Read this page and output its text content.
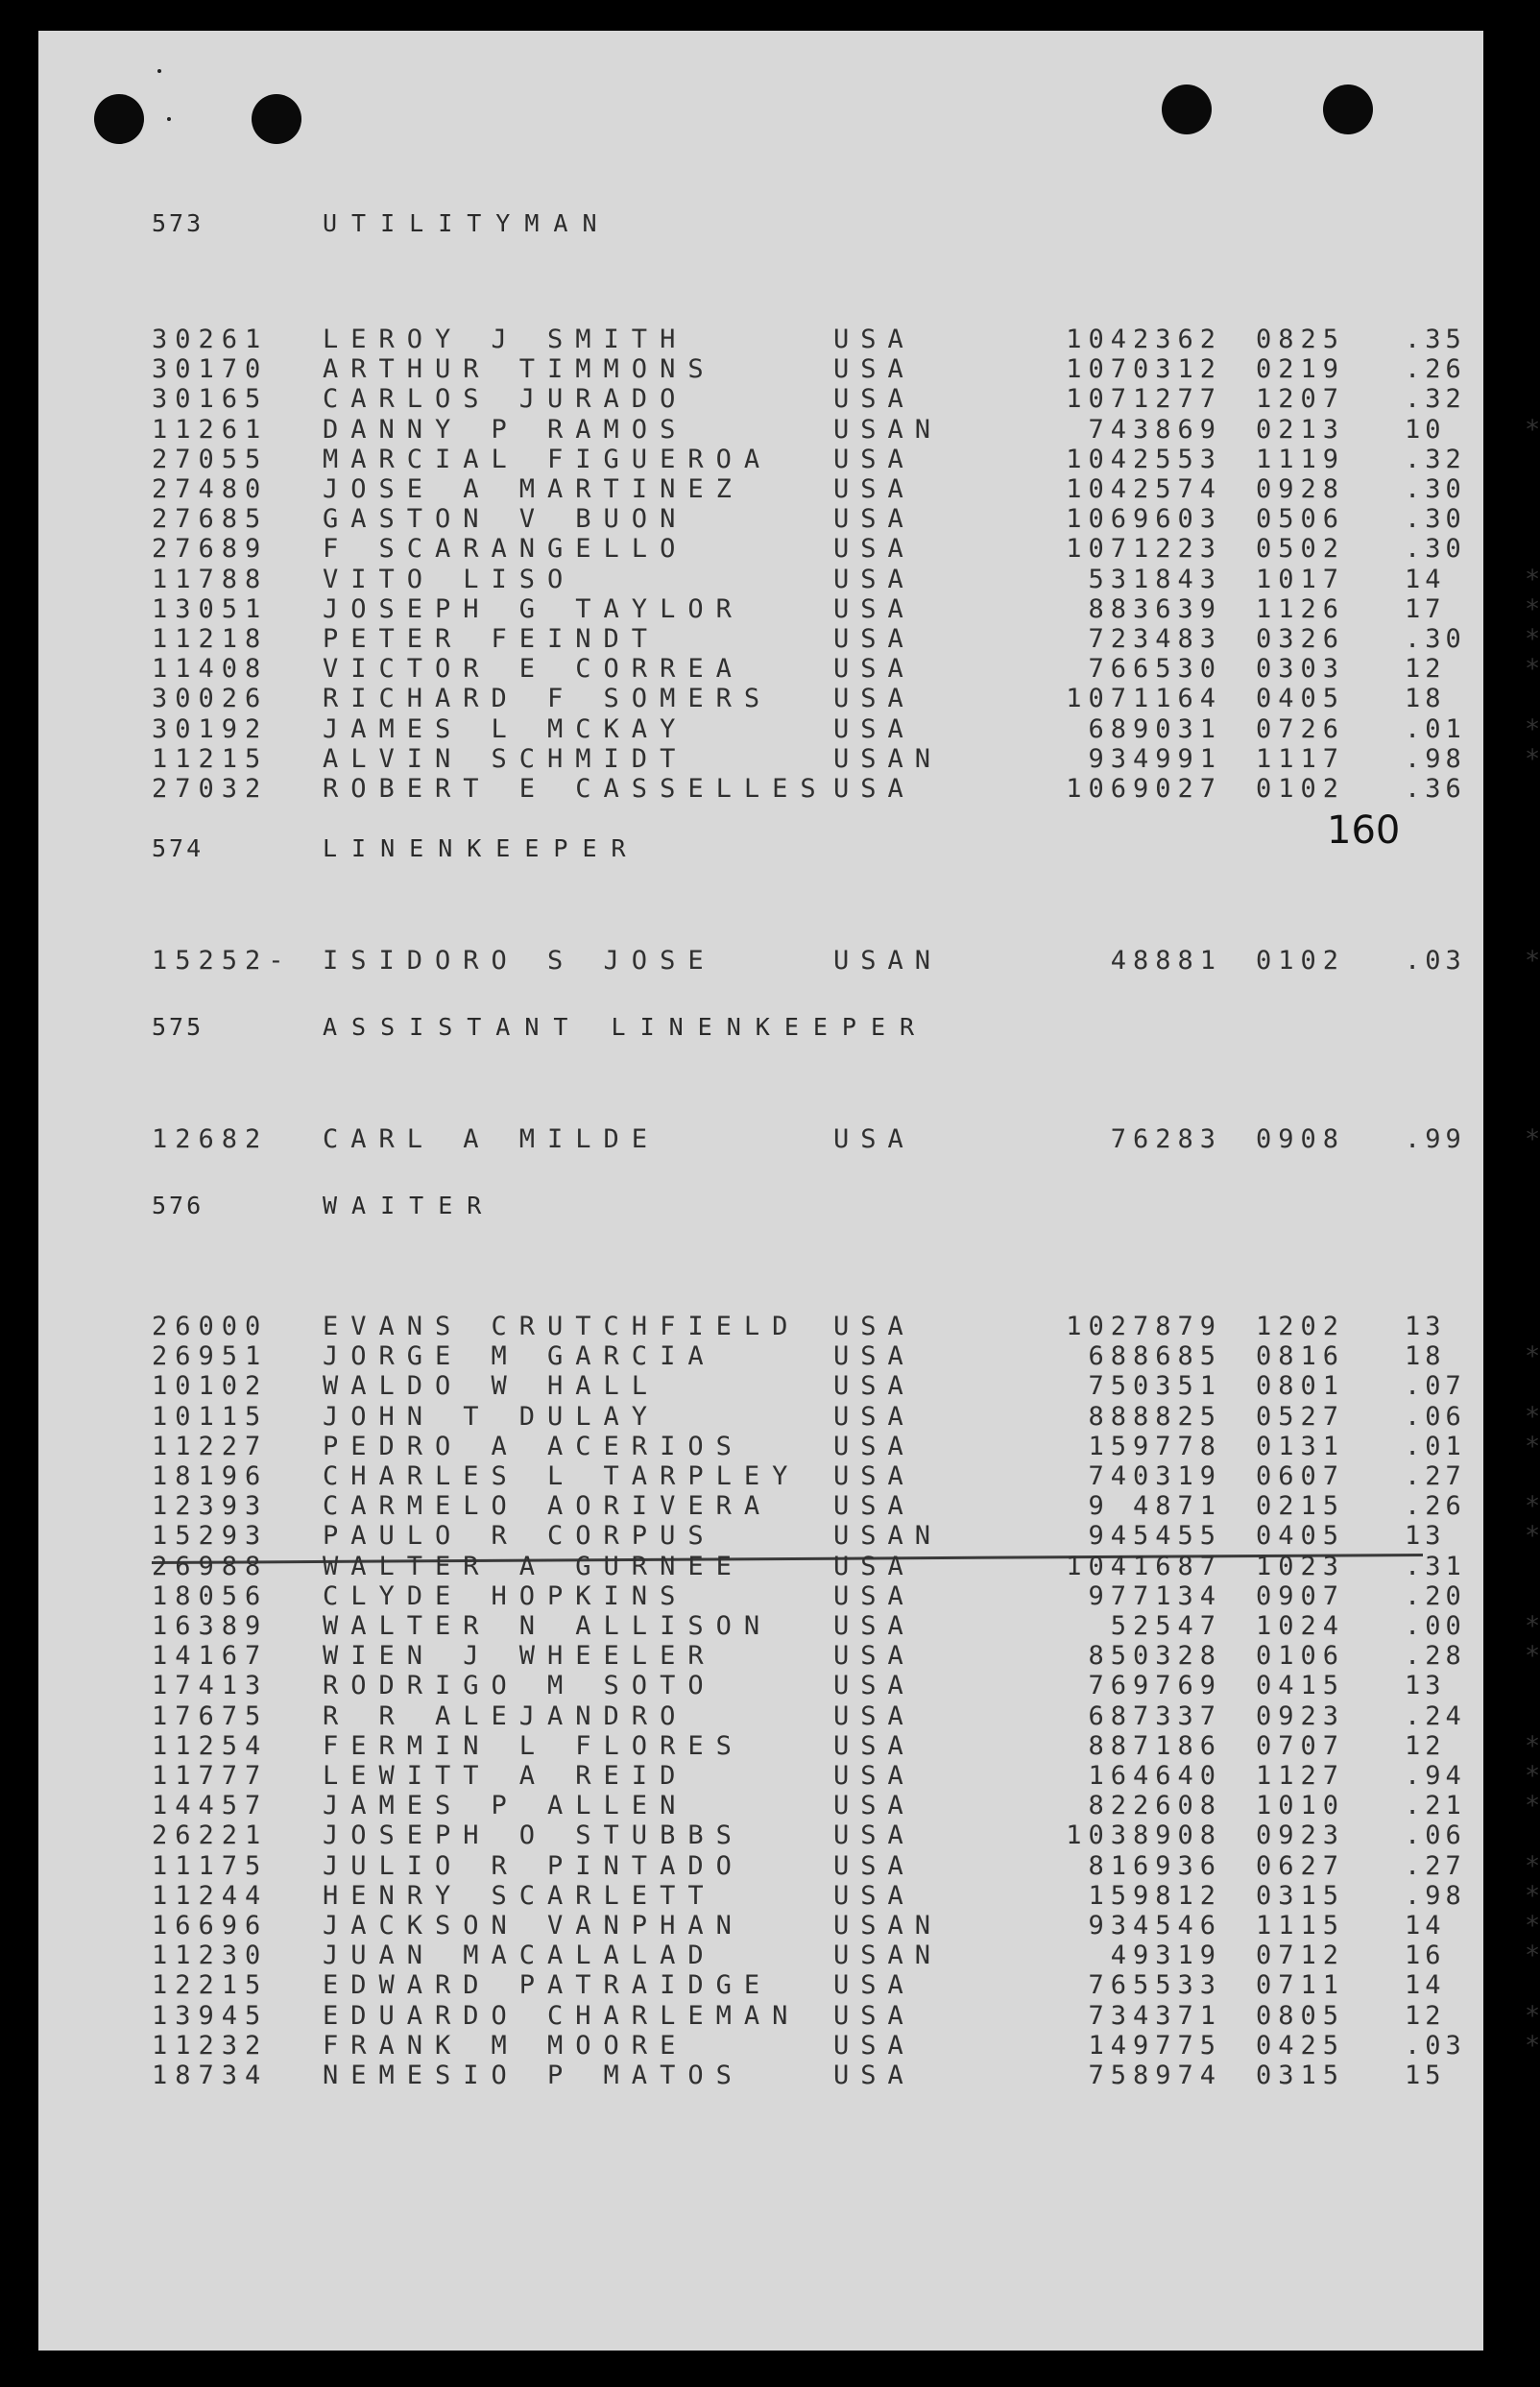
160
573	UTILITYMAN
30261 LEROY J SMITH	USA	1042362 0825 .35
30170 ARTHUR TIMMONS	USA	1070312 0219 .26
30165 CARLOS JURADO	USA	1071277 1207 .32
11261 DANNY P RAMOS	USAN	743869 0213 10	*
27055 MARCIAL FIGUEROA USA	1042553 1119 .32
27480 JOSE A MARTINEZ	USA	1042574 0928 .30
27685 GASTON V BUON	USA	1069603 0506 .30
27689 F SCARANGELLO	USA	1071223 0502 .30
11788 VITO LISO	USA	531843 1017 14	*
13051 JOSEPH G TAYLOR	USA	883639 1126 17	*
11218 PETER FEINDT	USA	723483 0326 .30 *
11408 VICTOR E CORREA	USA	766530 0303 12	*
30026 RICHARD F SOMERS USA	1071164 0405 18
30192 JAMES L MCKAY	USA	689031 0726 .01 *
11215 ALVIN SCHMIDT	USAN	934991 1117 .98 *
27032 ROBERT E CASSELLES USA	1069027 0102 .36
574	LINENKEEPER
15252- ISIDORO S JOSE	USAN	48881 0102 .03 *
575	ASSISTANT LINENKEEPER
12682 CARL A MILDE	USA	76283 0908 .99 *
576	WAITER
26000 EVANS CRUTCHFIELD USA	1027879 1202 13
26951 JORGE M GARCIA	USA	688685 0816 18	*
10102 WALDO W HALL	USA	750351 0801 .07
10115 JOHN T DULAY	USA	888825 0527 .06 *
11227 PEDRO A ACERIOS	USA	159778 0131 .01 *
18196 CHARLES L TARPLEY USA	740319 0607 .27
12393 CARMELO AORIVERA USA	9 4871 0215 .26 *
15293 PAULO R CORPUS	USAN	945455 0405 13	*
26988 WALTER A GURNEE	USA	1041687 1023 .31
18056 CLYDE HOPKINS	USA	977134 0907 .20
16389 WALTER N ALLISON USA	52547 1024 .00 *
14167 WIEN J WHEELER	USA	850328 0106 .28 *
17413 RODRIGO M SOTO	USA	769769 0415 13
17675 R R ALEJANDRO	USA	687337 0923 .24
11254 FERMIN L FLORES	USA	887186 0707 12	*
11777 LEWITT A REID	USA	164640 1127 .94 *
14457 JAMES P ALLEN	USA	822608 1010 .21 *
26221 JOSEPH O STUBBS	USA	1038908 0923 .06
11175 JULIO R PINTADO	USA	816936 0627 .27 *
11244 HENRY SCARLETT	USA	159812 0315 .98 *
16696 JACKSON VANPHAN	USAN	934546 1115 14	*
11230 JUAN MACALALAD	USAN	49319 0712 16	*
12215 EDWARD PATRAIDGE USA	765533 0711 14
13945 EDUARDO CHARLEMAN USA	734371 0805 12	*
11232 FRANK M MOORE	USA	149775 0425 .03 *
18734 NEMESIO P MATOS	USA	758974 0315 15
